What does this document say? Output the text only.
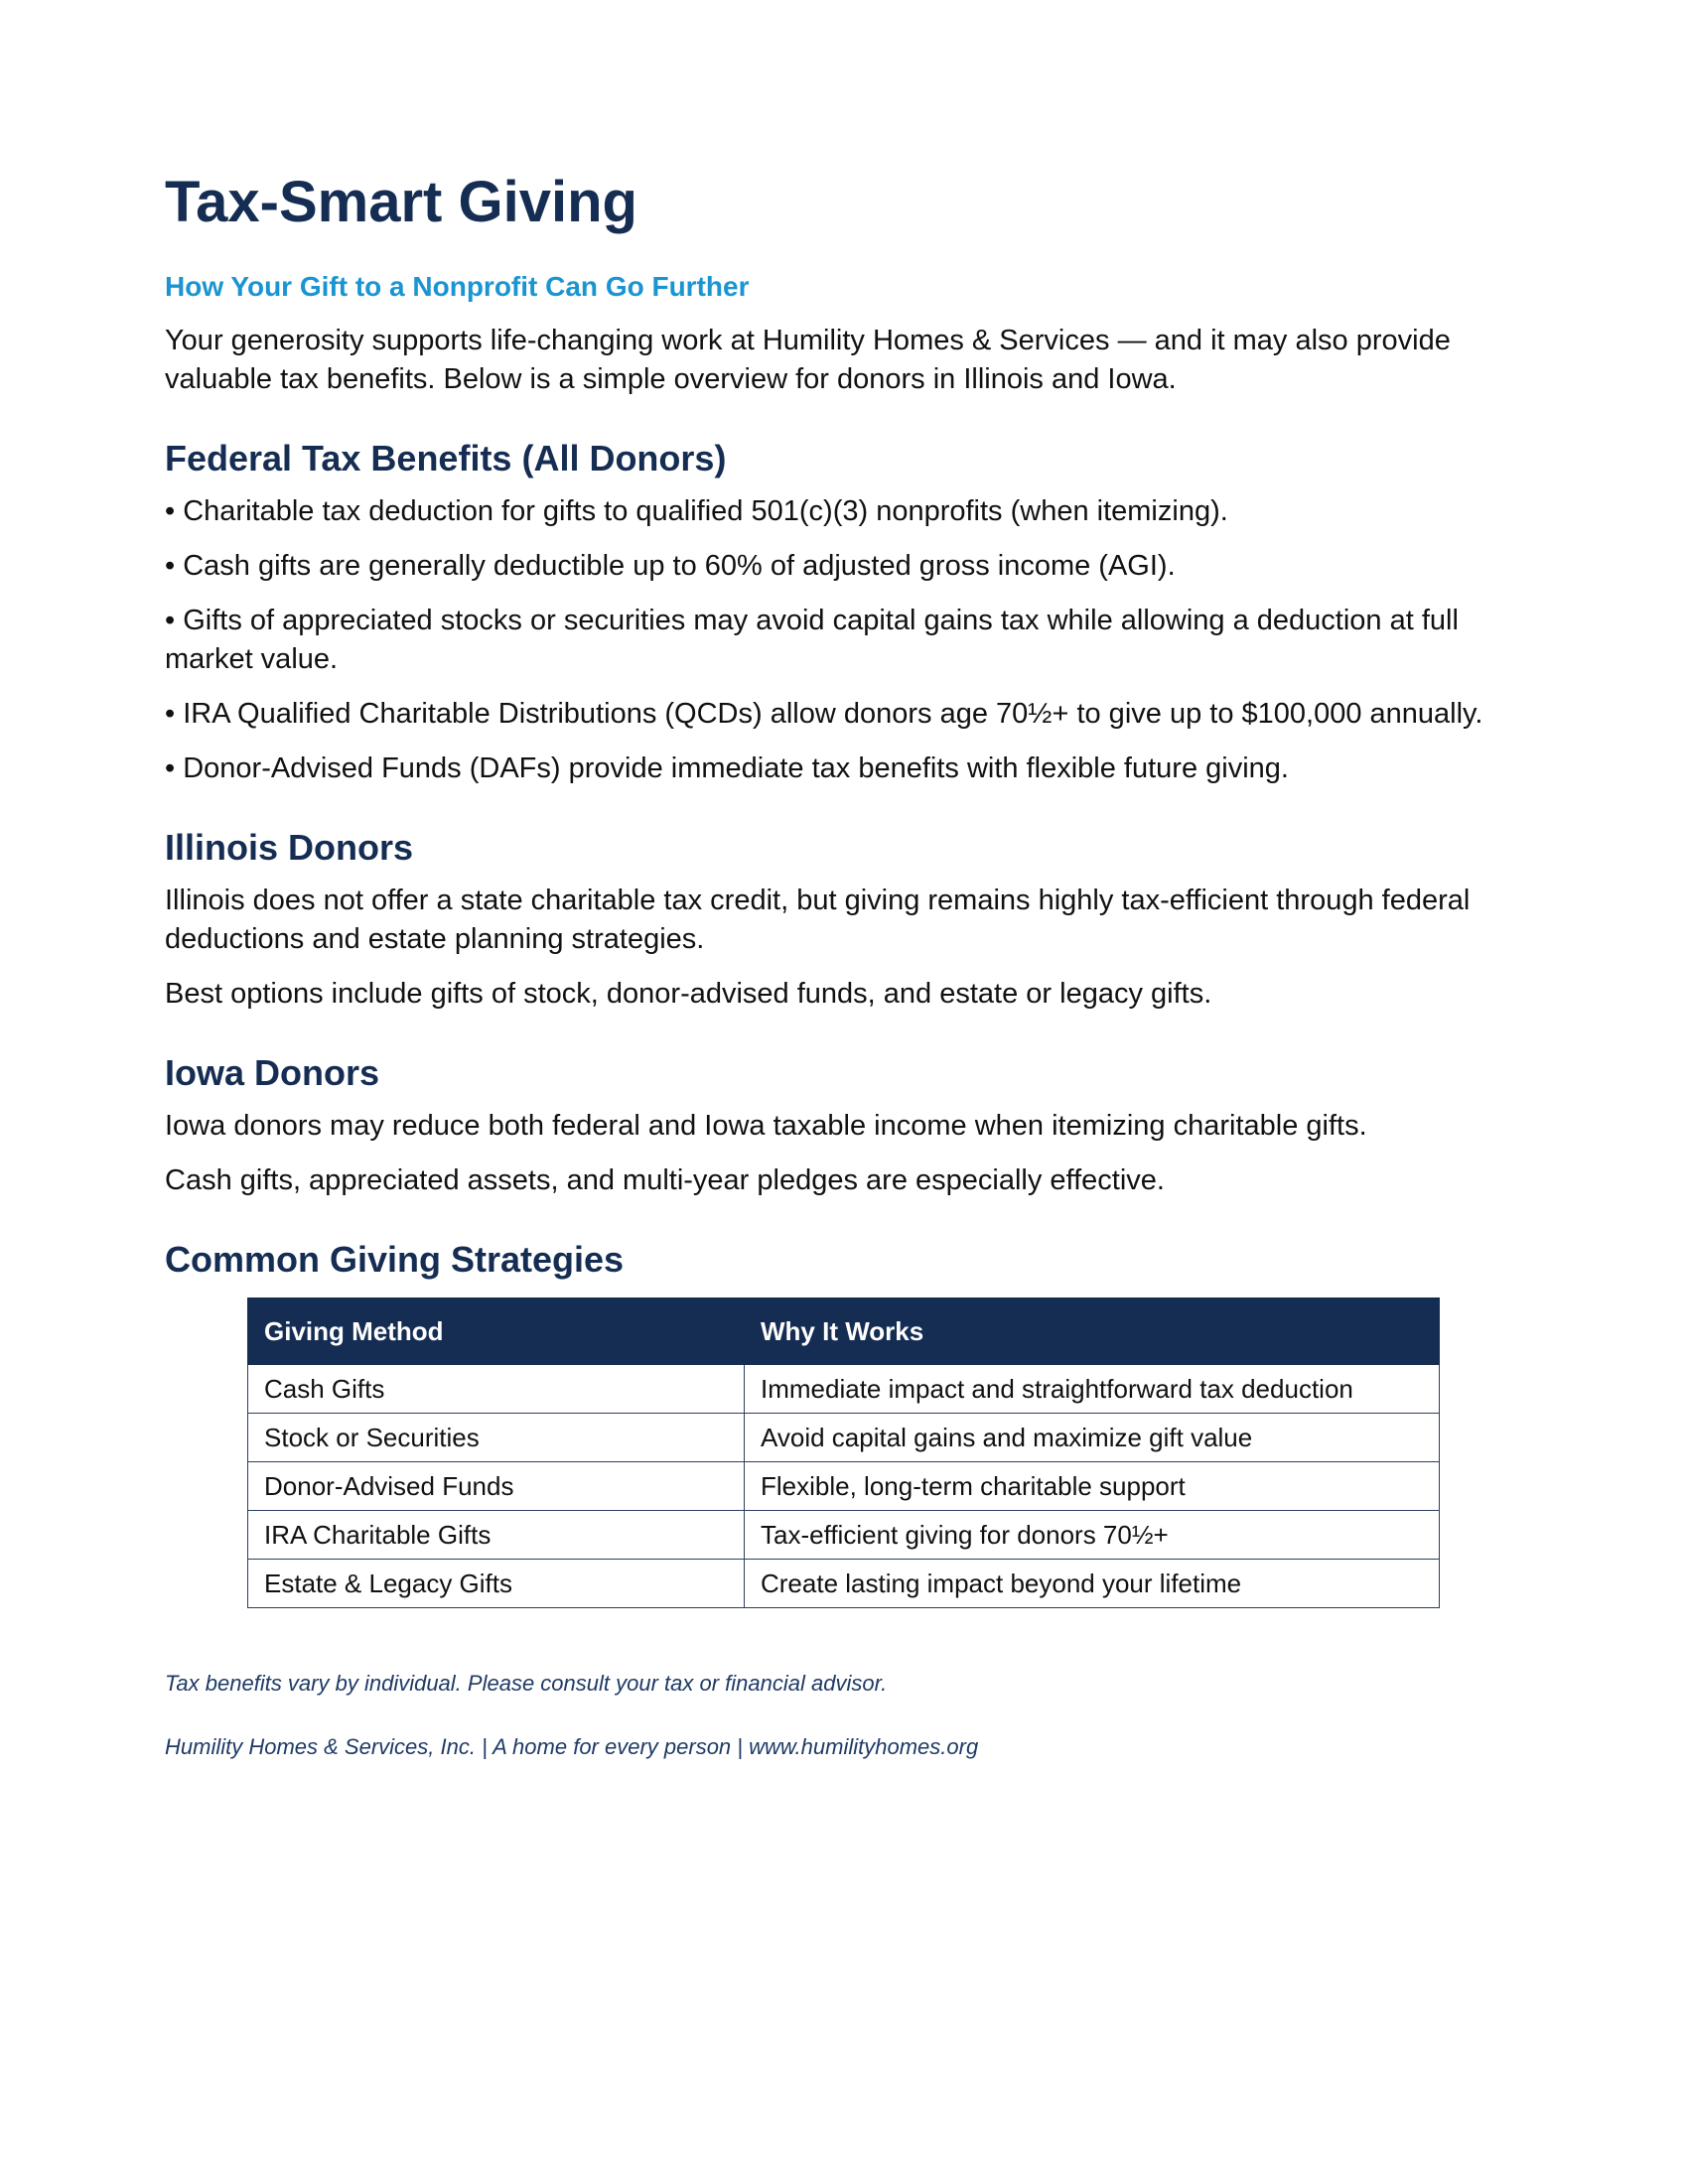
Tax-Smart Giving

How Your Gift to a Nonprofit Can Go Further

Your generosity supports life-changing work at Humility Homes & Services — and it may also provide valuable tax benefits. Below is a simple overview for donors in Illinois and Iowa.

Federal Tax Benefits (All Donors)
• Charitable tax deduction for gifts to qualified 501(c)(3) nonprofits (when itemizing).
• Cash gifts are generally deductible up to 60% of adjusted gross income (AGI).
• Gifts of appreciated stocks or securities may avoid capital gains tax while allowing a deduction at full market value.
• IRA Qualified Charitable Distributions (QCDs) allow donors age 70½+ to give up to $100,000 annually.
• Donor-Advised Funds (DAFs) provide immediate tax benefits with flexible future giving.
Illinois Donors

Illinois does not offer a state charitable tax credit, but giving remains highly tax-efficient through federal deductions and estate planning strategies.

Best options include gifts of stock, donor-advised funds, and estate or legacy gifts.

Iowa Donors

Iowa donors may reduce both federal and Iowa taxable income when itemizing charitable gifts.

Cash gifts, appreciated assets, and multi-year pledges are especially effective.

Common Giving Strategies
Giving Method	Why It Works
Cash Gifts	Immediate impact and straightforward tax deduction
Stock or Securities	Avoid capital gains and maximize gift value
Donor-Advised Funds	Flexible, long-term charitable support
IRA Charitable Gifts	Tax-efficient giving for donors 70½+
Estate & Legacy Gifts	Create lasting impact beyond your lifetime

Tax benefits vary by individual. Please consult your tax or financial advisor.

Humility Homes & Services, Inc. | A home for every person | www.humilityhomes.org
